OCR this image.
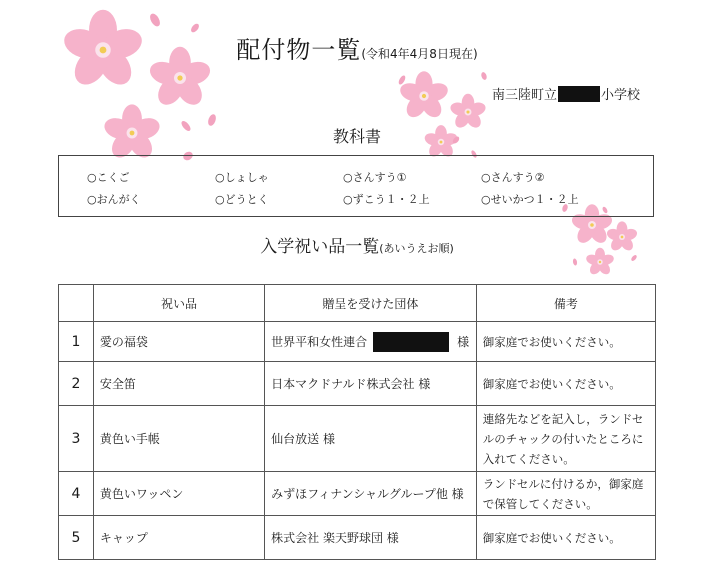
配付物一覧(令和4年4月8日現在)
南三陸町立	小学校
教科書
○こくご	○しょしゃ	○さんすう①	○さんすう②
○おんがく	○どうとく	○ずこう１・２上	○せいかつ１・２上
入学祝い品一覧(あいうえお順)
	祝い品	贈呈を受けた団体	備考
1	愛の福袋	世界平和女性連合 様	御家庭でお使いください。
2	安全笛	日本マクドナルド株式会社 様	御家庭でお使いください。
3	黄色い手帳	仙台放送 様	連絡先などを記入し，ランドセルのチャックの付いたところに入れてください。
4	黄色いワッペン	みずほフィナンシャルグループ他 様	ランドセルに付けるか，御家庭で保管してください。
5	キャップ	株式会社 楽天野球団 様	御家庭でお使いください。
